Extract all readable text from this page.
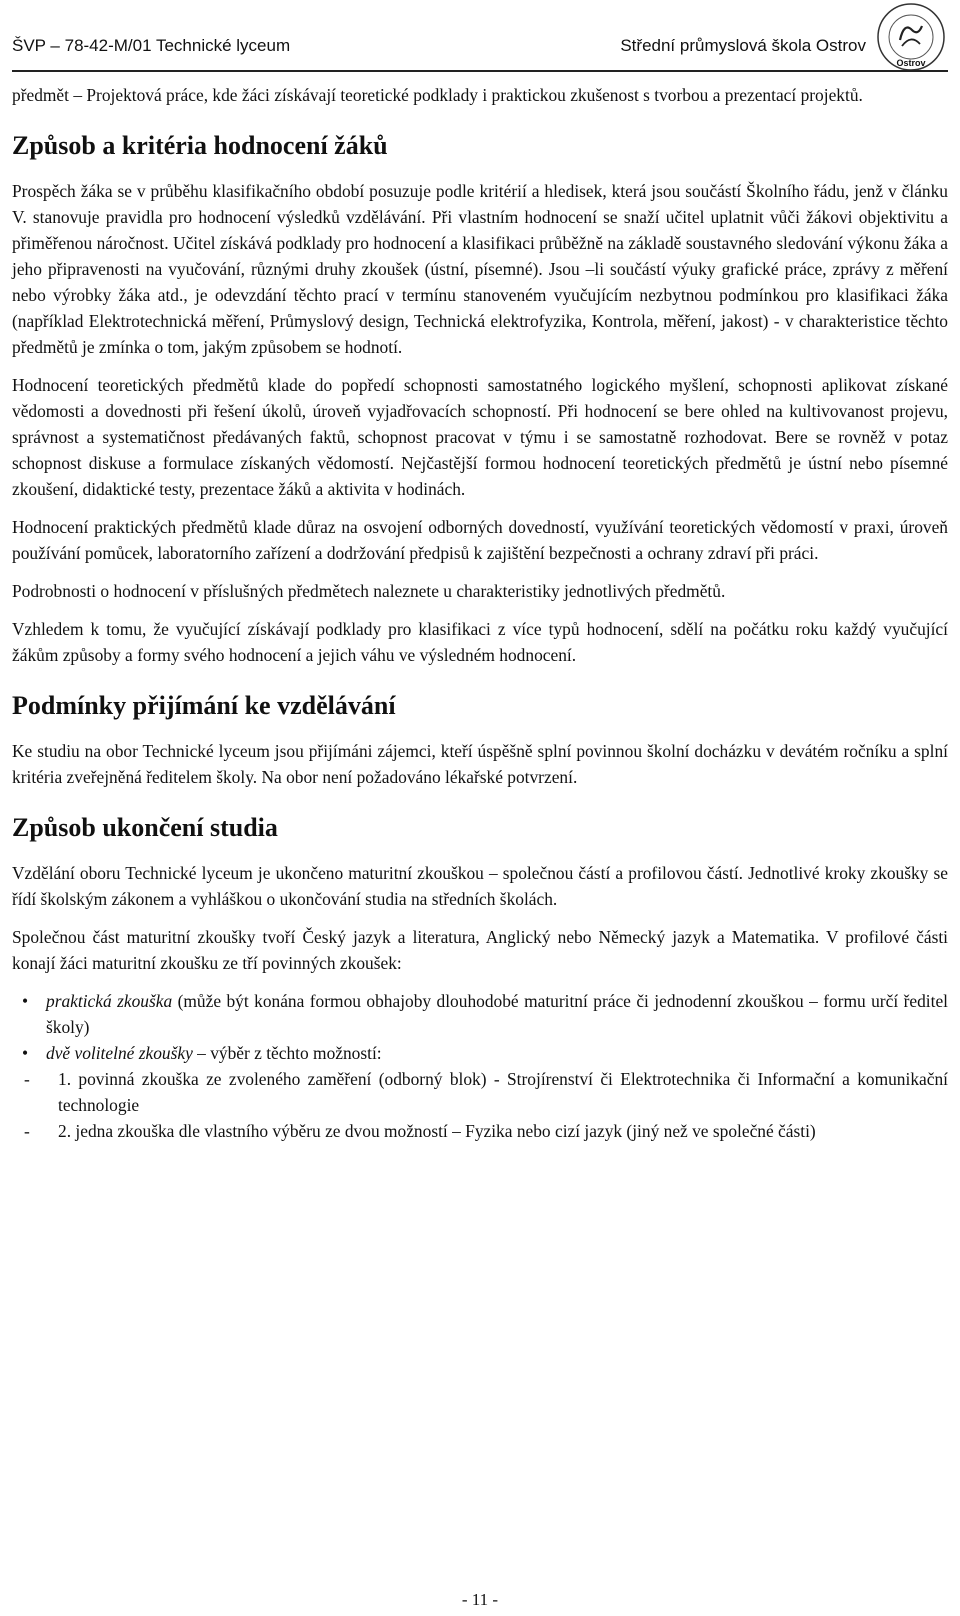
ŠVP – 78-42-M/01 Technické lyceum	Střední průmyslová škola Ostrov
Ostrov

předmět – Projektová práce, kde žáci získávají teoretické podklady i praktickou zkušenost s tvorbou a prezentací projektů.

Způsob a kritéria hodnocení žáků

Prospěch žáka se v průběhu klasifikačního období posuzuje podle kritérií a hledisek, která jsou součástí Školního řádu, jenž v článku V. stanovuje pravidla pro hodnocení výsledků vzdělávání. Při vlastním hodnocení se snaží učitel uplatnit vůči žákovi objektivitu a přiměřenou náročnost. Učitel získává podklady pro hodnocení a klasifikaci průběžně na základě soustavného sledování výkonu žáka a jeho připravenosti na vyučování, různými druhy zkoušek (ústní, písemné). Jsou –li součástí výuky grafické práce, zprávy z měření nebo výrobky žáka atd., je odevzdání těchto prací v termínu stanoveném vyučujícím nezbytnou podmínkou pro klasifikaci žáka (například Elektrotechnická měření, Průmyslový design, Technická elektrofyzika, Kontrola, měření, jakost) - v charakteristice těchto předmětů je zmínka o tom, jakým způsobem se hodnotí.

Hodnocení teoretických předmětů klade do popředí schopnosti samostatného logického myšlení, schopnosti aplikovat získané vědomosti a dovednosti při řešení úkolů, úroveň vyjadřovacích schopností. Při hodnocení se bere ohled na kultivovanost projevu, správnost a systematičnost předávaných faktů, schopnost pracovat v týmu i se samostatně rozhodovat. Bere se rovněž v potaz schopnost diskuse a formulace získaných vědomostí. Nejčastější formou hodnocení teoretických předmětů je ústní nebo písemné zkoušení, didaktické testy, prezentace žáků a aktivita v hodinách.

Hodnocení praktických předmětů klade důraz na osvojení odborných dovedností, využívání teoretických vědomostí v praxi, úroveň používání pomůcek, laboratorního zařízení a dodržování předpisů k zajištění bezpečnosti a ochrany zdraví při práci.

Podrobnosti o hodnocení v příslušných předmětech naleznete u charakteristiky jednotlivých předmětů.

Vzhledem k tomu, že vyučující získávají podklady pro klasifikaci z více typů hodnocení, sdělí na počátku roku každý vyučující žákům způsoby a formy svého hodnocení a jejich váhu ve výsledném hodnocení.

Podmínky přijímání ke vzdělávání

Ke studiu na obor Technické lyceum jsou přijímáni zájemci, kteří úspěšně splní povinnou školní docházku v devátém ročníku a splní kritéria zveřejněná ředitelem školy. Na obor není požadováno lékařské potvrzení.

Způsob ukončení studia

Vzdělání oboru Technické lyceum je ukončeno maturitní zkouškou – společnou částí a profilovou částí. Jednotlivé kroky zkoušky se řídí školským zákonem a vyhláškou o ukončování studia na středních školách.

Společnou část maturitní zkoušky tvoří Český jazyk a literatura, Anglický nebo Německý jazyk a Matematika. V profilové části konají žáci maturitní zkoušku ze tří povinných zkoušek:

• praktická zkouška (může být konána formou obhajoby dlouhodobé maturitní práce či jednodenní zkouškou – formu určí ředitel školy)
• dvě volitelné zkoušky – výběr z těchto možností:
- 1. povinná zkouška ze zvoleného zaměření (odborný blok) - Strojírenství či Elektrotechnika či Informační a komunikační technologie
- 2. jedna zkouška dle vlastního výběru ze dvou možností – Fyzika nebo cizí jazyk (jiný než ve společné části)
- 11 -
